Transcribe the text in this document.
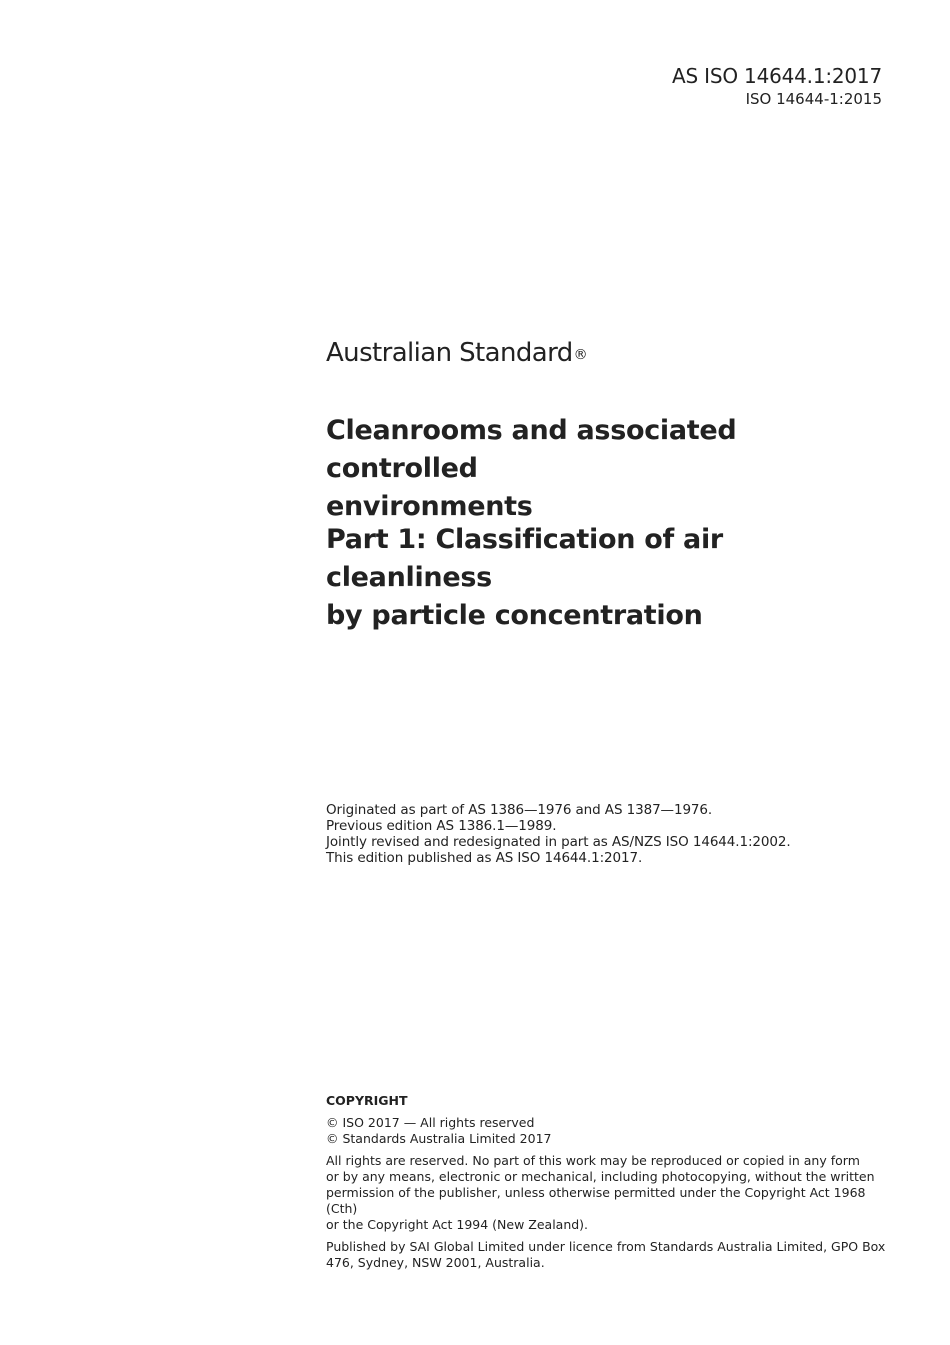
AS ISO 14644.1:2017
ISO 14644-1:2015
Australian Standard®
Cleanrooms and associated controlled
environments
Part 1: Classification of air cleanliness
by particle concentration
Originated as part of AS 1386—1976 and AS 1387—1976.
Previous edition AS 1386.1—1989.
Jointly revised and redesignated in part as AS/NZS ISO 14644.1:2002.
This edition published as AS ISO 14644.1:2017.
COPYRIGHT

© ISO 2017 — All rights reserved
© Standards Australia Limited 2017

All rights are reserved. No part of this work may be reproduced or copied in any form
or by any means, electronic or mechanical, including photocopying, without the written
permission of the publisher, unless otherwise permitted under the Copyright Act 1968 (Cth)
or the Copyright Act 1994 (New Zealand).

Published by SAI Global Limited under licence from Standards Australia Limited, GPO Box
476, Sydney, NSW 2001, Australia.
